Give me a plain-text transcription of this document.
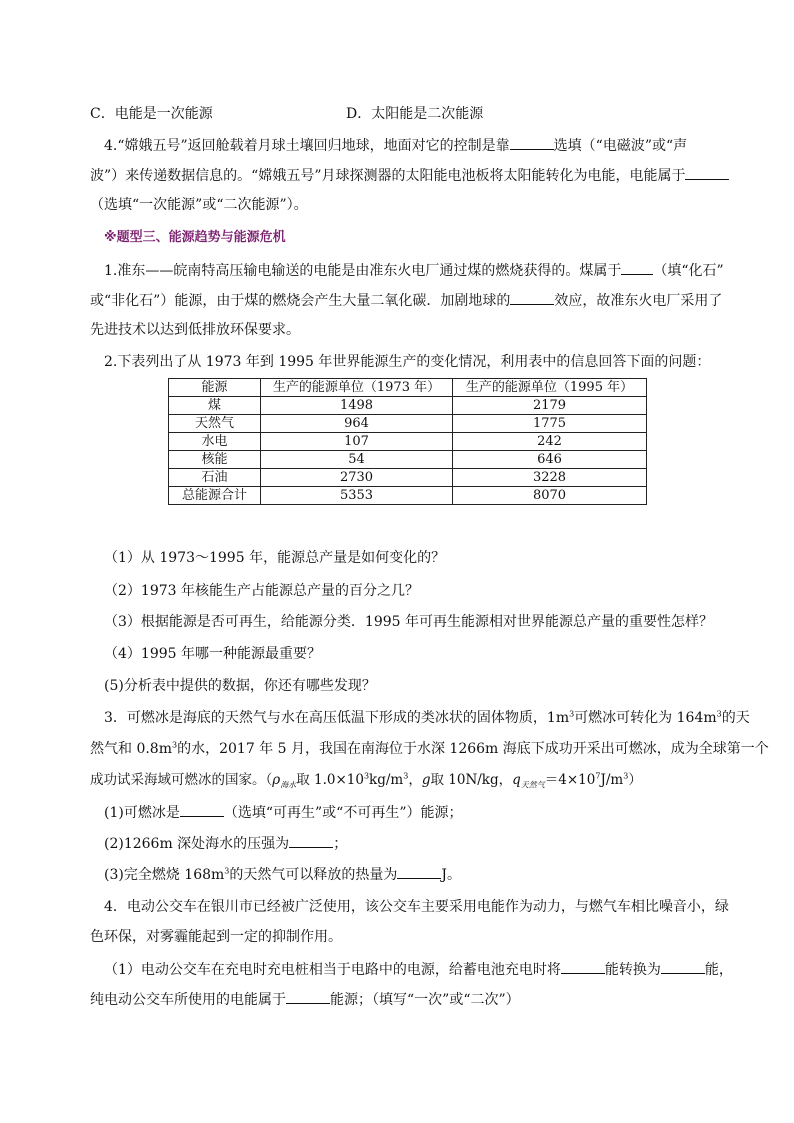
C．电能是一次能源	D．太阳能是二次能源
4.“嫦娥五号”返回舱载着月球土壤回归地球，地面对它的控制是靠	选填（“电磁波”或“声
波”）来传递数据信息的。“嫦娥五号”月球探测器的太阳能电池板将太阳能转化为电能，电能属于
（选填“一次能源”或“二次能源”）。
※题型三、能源趋势与能源危机
1.准东——皖南特高压输电输送的电能是由准东火电厂通过煤的燃烧获得的。煤属于 （填“化石”
或“非化石”）能源，由于煤的燃烧会产生大量二氧化碳．加剧地球的	效应，故准东火电厂采用了
先进技术以达到低排放环保要求。
2.下表列出了从 1973 年到 1995 年世界能源生产的变化情况，利用表中的信息回答下面的问题：
能源	生产的能源单位（1973 年）	生产的能源单位（1995 年）
煤	1498	2179
天然气	964	1775
水电	107	242
核能	54	646
石油	2730	3228
总能源合计	5353	8070
（1）从 1973～1995 年，能源总产量是如何变化的？
（2）1973 年核能生产占能源总产量的百分之几？
（3）根据能源是否可再生，给能源分类．1995 年可再生能源相对世界能源总产量的重要性怎样？
（4）1995 年哪一种能源最重要？
(5)分析表中提供的数据，你还有哪些发现？
3．可燃冰是海底的天然气与水在高压低温下形成的类冰状的固体物质，$1m^3$可燃冰可转化为 $164m^3$的天
然气和 $0.8m^3$的水，2017 年 5 月，我国在南海位于水深 1266m 海底下成功开采出可燃冰，成为全球第一个
成功试采海域可燃冰的国家。（$\rho_{海水}$取 $1.0\times 10^3kg/m^3$，g取 10N/kg，$q_{天然气}=4\times 10^7J/m^3$）
(1)可燃冰是	（选填“可再生”或“不可再生”）能源；
(2)1266m 深处海水的压强为	；
(3)完全燃烧 $168m^3$的天然气可以释放的热量为	J。
4．电动公交车在银川市已经被广泛使用，该公交车主要采用电能作为动力，与燃气车相比噪音小，绿
色环保，对雾霾能起到一定的抑制作用。
（1）电动公交车在充电时充电桩相当于电路中的电源，给蓄电池充电时将	能转换为	能，
纯电动公交车所使用的电能属于	能源；（填写“一次”或“二次”）
